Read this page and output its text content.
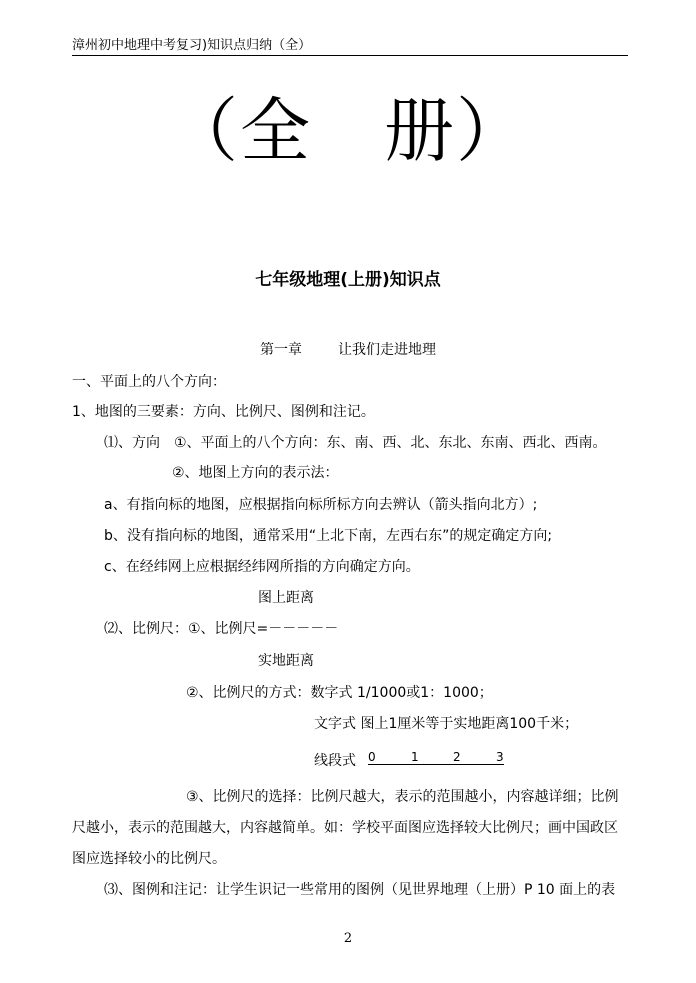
漳州初中地理中考复习)知识点归纳（全）
（全　册）
七年级地理(上册)知识点
第一章	让我们走进地理
一、平面上的八个方向：
1、地图的三要素：方向、比例尺、图例和注记。
⑴、方向　①、平面上的八个方向：东、南、西、北、东北、东南、西北、西南。
②、地图上方向的表示法：
a、有指向标的地图，应根据指向标所标方向去辨认（箭头指向北方）;
b、没有指向标的地图，通常采用“上北下南，左西右东”的规定确定方向;
c、在经纬网上应根据经纬网所指的方向确定方向。
图上距离
⑵、比例尺：①、比例尺=－－－－－
实地距离
②、比例尺的方式：数字式 1/1000或1：1000；
文字式 图上1厘米等于实地距离100千米；
线段式 0	1	2	3
③、比例尺的选择：比例尺越大，表示的范围越小，内容越详细；比例
尺越小，表示的范围越大，内容越简单。如：学校平面图应选择较大比例尺；画中国政区
图应选择较小的比例尺。
⑶、图例和注记：让学生识记一些常用的图例（见世界地理（上册）P 10 面上的表
2
